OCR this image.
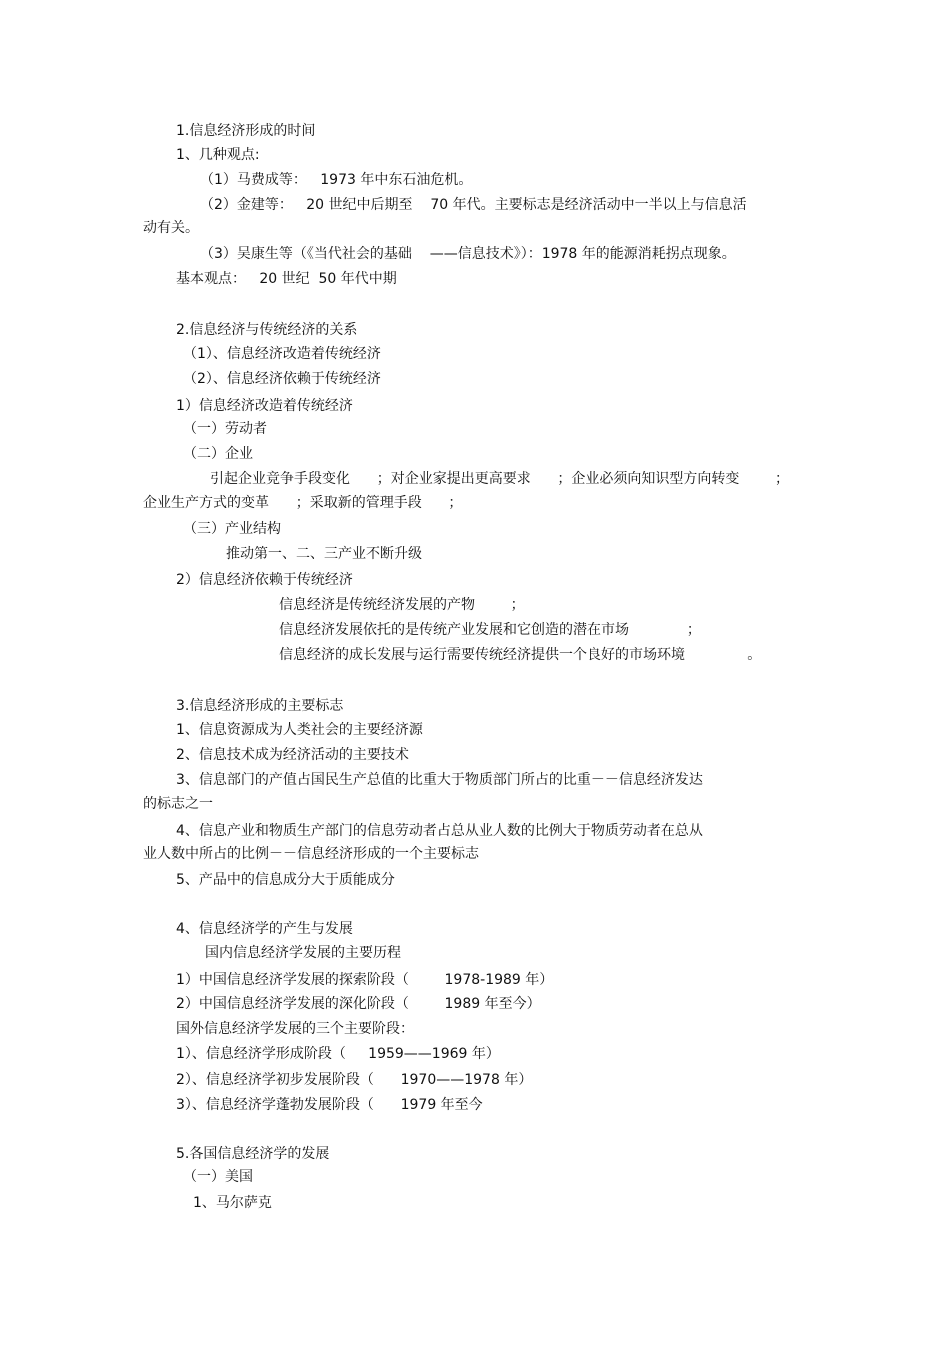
1.信息经济形成的时间

1、几种观点:

（1）马费成等：   1973 年中东石油危机。

（2）金建等：   20 世纪中后期至    70 年代。主要标志是经济活动中一半以上与信息活

动有关。

（3）吴康生等（《当代社会的基础    ——信息技术》）：1978 年的能源消耗拐点现象。

基本观点：   20 世纪  50 年代中期

2.信息经济与传统经济的关系

（1）、信息经济改造着传统经济

（2）、信息经济依赖于传统经济

1）信息经济改造着传统经济

（一）劳动者

（二）企业

引起企业竞争手段变化      ；对企业家提出更高要求      ；企业必须向知识型方向转变        ；

企业生产方式的变革      ；采取新的管理手段      ；

（三）产业结构

推动第一、二、三产业不断升级

2）信息经济依赖于传统经济

信息经济是传统经济发展的产物        ；

信息经济发展依托的是传统产业发展和它创造的潜在市场             ；

信息经济的成长发展与运行需要传统经济提供一个良好的市场环境              。

3.信息经济形成的主要标志

1、信息资源成为人类社会的主要经济源

2、信息技术成为经济活动的主要技术

3、信息部门的产值占国民生产总值的比重大于物质部门所占的比重－－信息经济发达

的标志之一

4、信息产业和物质生产部门的信息劳动者占总从业人数的比例大于物质劳动者在总从

业人数中所占的比例－－信息经济形成的一个主要标志

5、产品中的信息成分大于质能成分

4、信息经济学的产生与发展

国内信息经济学发展的主要历程

1）中国信息经济学发展的探索阶段（        1978-1989 年）

2）中国信息经济学发展的深化阶段（        1989 年至今）

国外信息经济学发展的三个主要阶段：

1）、信息经济学形成阶段（     1959——1969 年）

2）、信息经济学初步发展阶段（      1970——1978 年）

3）、信息经济学蓬勃发展阶段（      1979 年至今

5.各国信息经济学的发展

（一）美国

1、马尔萨克
